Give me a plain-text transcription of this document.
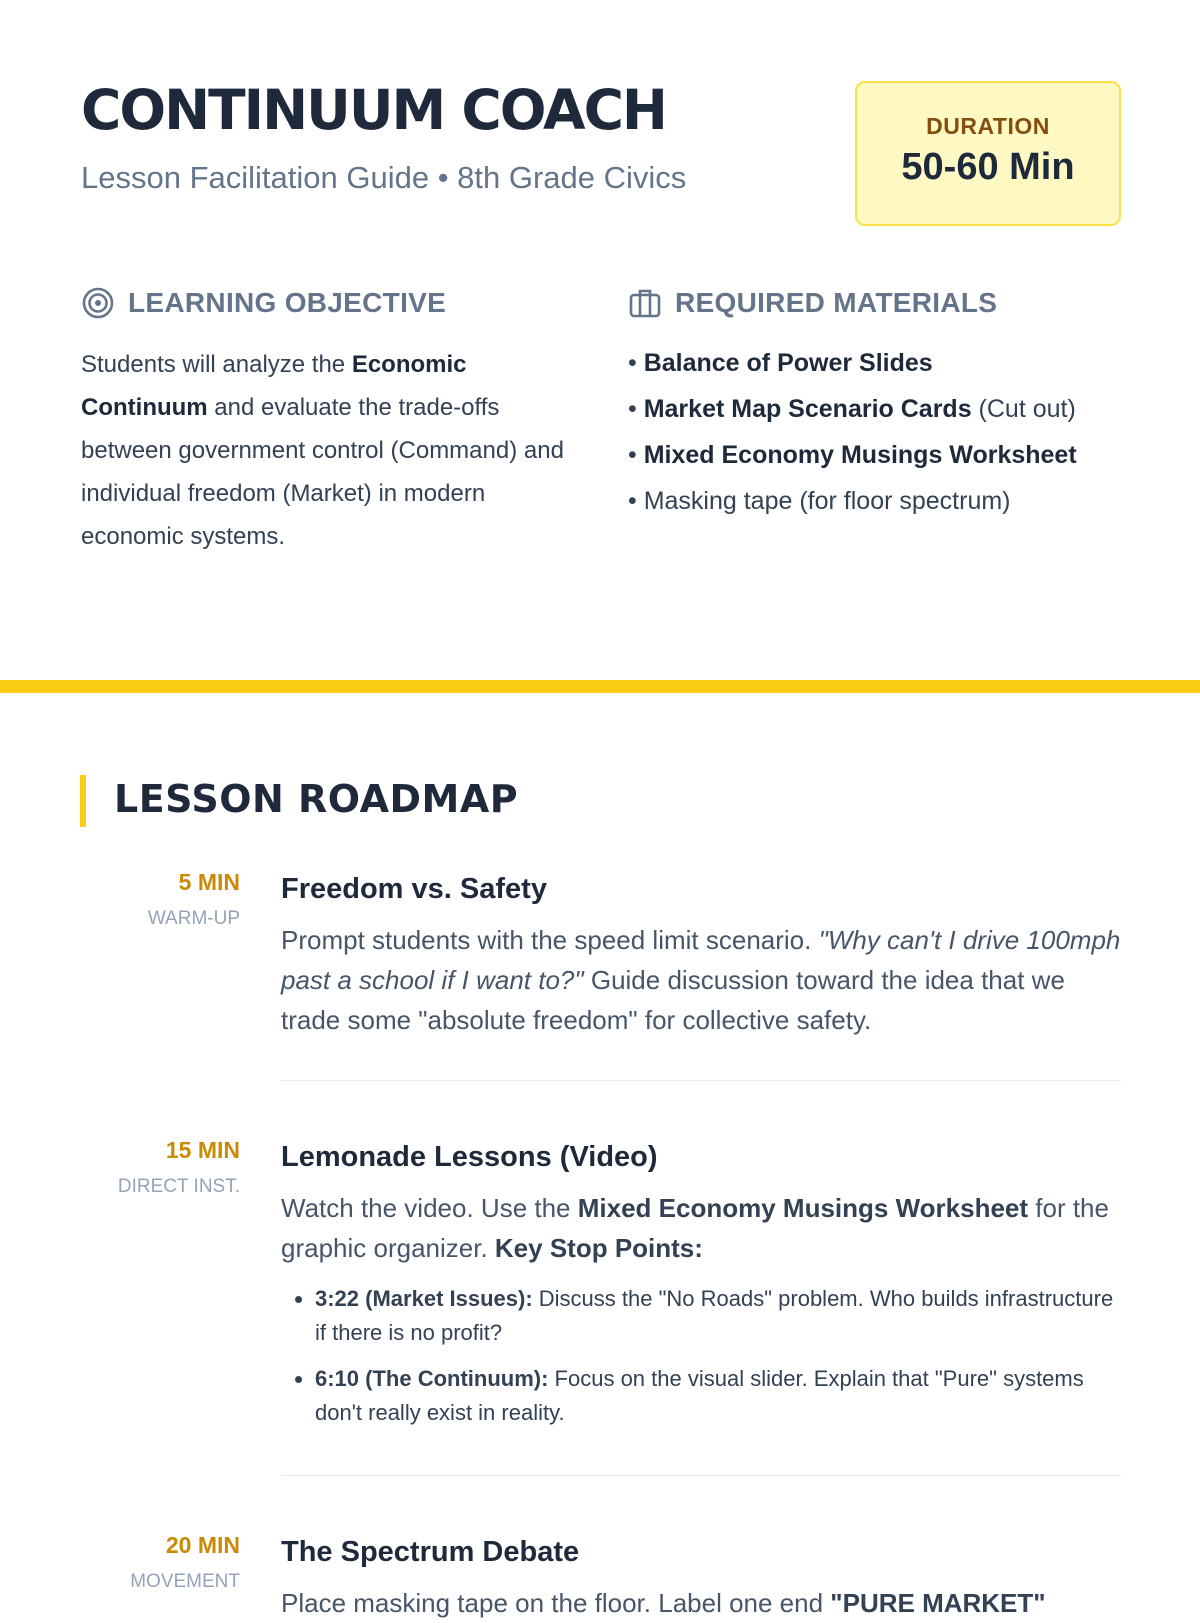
CONTINUUM COACH
Lesson Facilitation Guide • 8th Grade Civics
DURATION
50-60 Min
LEARNING OBJECTIVE

Students will analyze the Economic Continuum and evaluate the trade-offs between government control (Command) and individual freedom (Market) in modern economic systems.

REQUIRED MATERIALS
• Balance of Power Slides
• Market Map Scenario Cards (Cut out)
• Mixed Economy Musings Worksheet
• Masking tape (for floor spectrum)
LESSON ROADMAP
5 MIN
WARM-UP
Freedom vs. Safety

Prompt students with the speed limit scenario. "Why can't I drive 100mph past a school if I want to?" Guide discussion toward the idea that we trade some "absolute freedom" for collective safety.

15 MIN
DIRECT INST.
Lemonade Lessons (Video)

Watch the video. Use the Mixed Economy Musings Worksheet for the graphic organizer. Key Stop Points:

• 3:22 (Market Issues): Discuss the "No Roads" problem. Who builds infrastructure if there is no profit?
• 6:10 (The Continuum): Focus on the visual slider. Explain that "Pure" systems don't really exist in reality.
20 MIN
MOVEMENT
The Spectrum Debate

Place masking tape on the floor. Label one end "PURE MARKET"
